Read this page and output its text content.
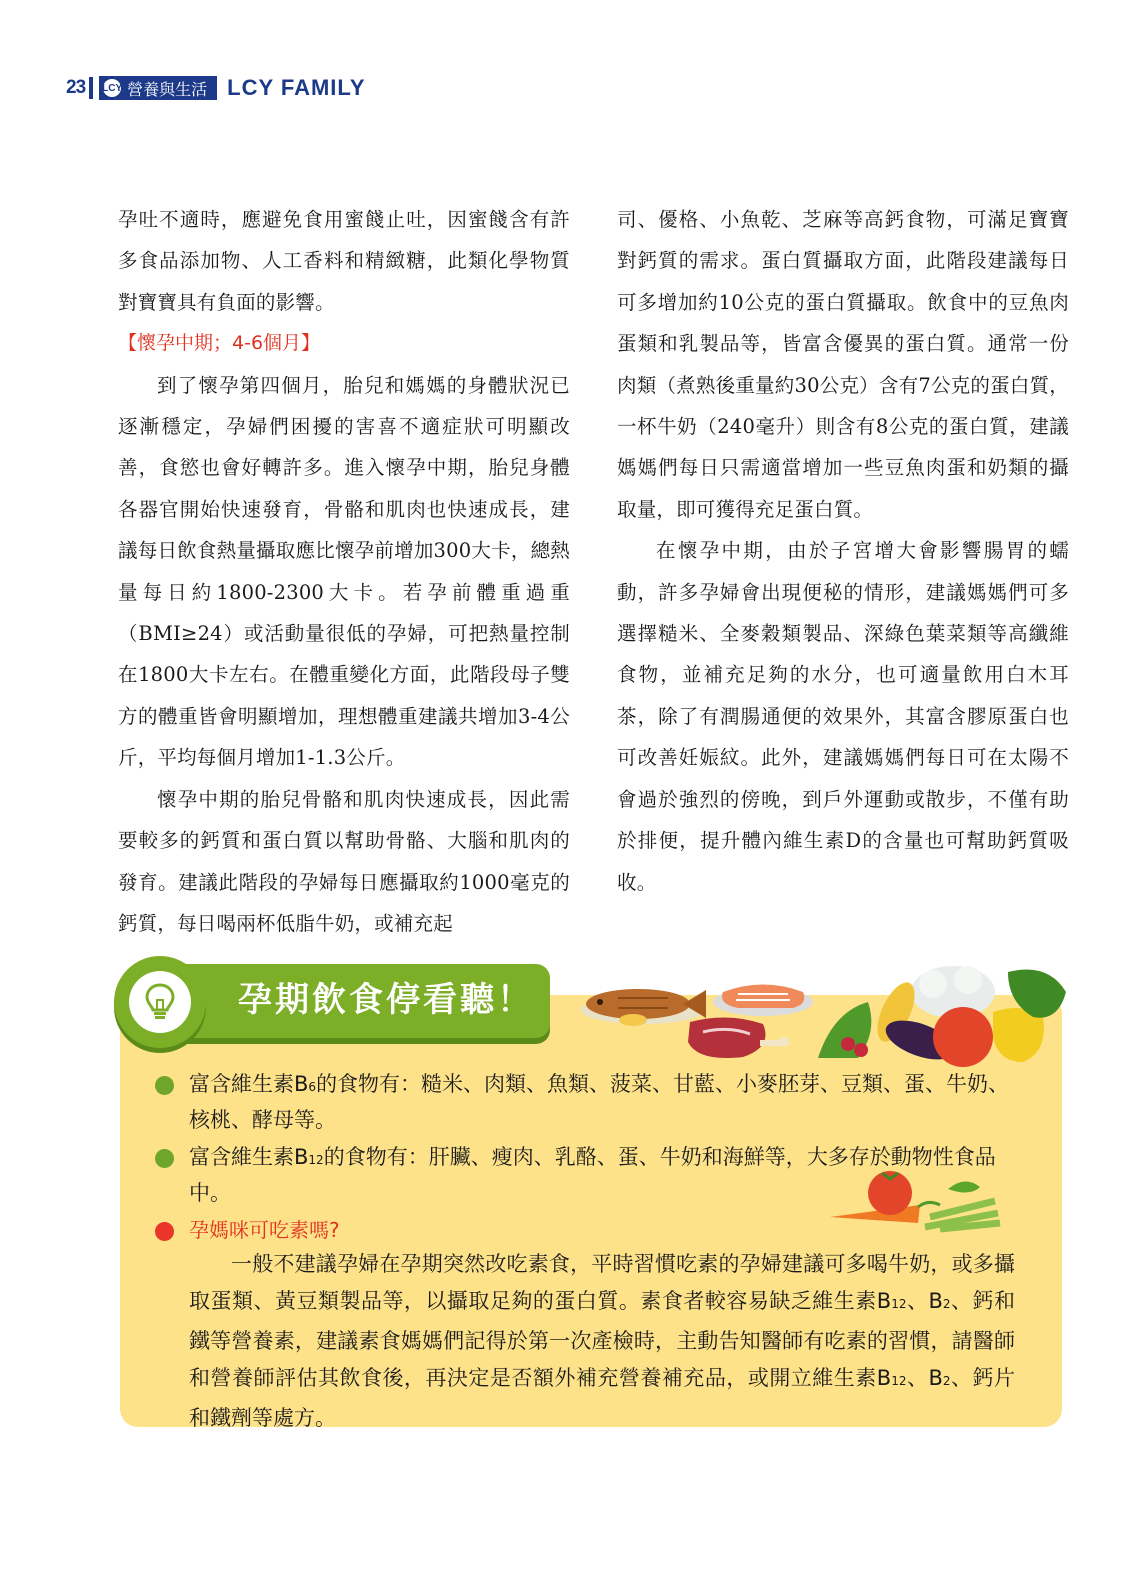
23 LCY 營養與生活 LCY FAMILY

孕吐不適時，應避免食用蜜餞止吐，因蜜餞含有許多食品添加物、人工香料和精緻糖，此類化學物質對寶寶具有負面的影響。

【懷孕中期；4-6個月】

到了懷孕第四個月，胎兒和媽媽的身體狀況已逐漸穩定，孕婦們困擾的害喜不適症狀可明顯改善，食慾也會好轉許多。進入懷孕中期，胎兒身體各器官開始快速發育，骨骼和肌肉也快速成長，建議每日飲食熱量攝取應比懷孕前增加300大卡，總熱量每日約1800-2300大卡。若孕前體重過重（BMI≥24）或活動量很低的孕婦，可把熱量控制在1800大卡左右。在體重變化方面，此階段母子雙方的體重皆會明顯增加，理想體重建議共增加3-4公斤，平均每個月增加1-1.3公斤。

懷孕中期的胎兒骨骼和肌肉快速成長，因此需要較多的鈣質和蛋白質以幫助骨骼、大腦和肌肉的發育。建議此階段的孕婦每日應攝取約1000毫克的鈣質，每日喝兩杯低脂牛奶，或補充起

司、優格、小魚乾、芝麻等高鈣食物，可滿足寶寶對鈣質的需求。蛋白質攝取方面，此階段建議每日可多增加約10公克的蛋白質攝取。飲食中的豆魚肉蛋類和乳製品等，皆富含優異的蛋白質。通常一份肉類（煮熟後重量約30公克）含有7公克的蛋白質，一杯牛奶（240毫升）則含有8公克的蛋白質，建議媽媽們每日只需適當增加一些豆魚肉蛋和奶類的攝取量，即可獲得充足蛋白質。

在懷孕中期，由於子宮增大會影響腸胃的蠕動，許多孕婦會出現便秘的情形，建議媽媽們可多選擇糙米、全麥穀類製品、深綠色葉菜類等高纖維食物，並補充足夠的水分，也可適量飲用白木耳茶，除了有潤腸通便的效果外，其富含膠原蛋白也可改善妊娠紋。此外，建議媽媽們每日可在太陽不會過於強烈的傍晚，到戶外運動或散步，不僅有助於排便，提升體內維生素D的含量也可幫助鈣質吸收。

孕期飲食停看聽！
富含維生素B6的食物有：糙米、肉類、魚類、菠菜、甘藍、小麥胚芽、豆類、蛋、牛奶、核桃、酵母等。
富含維生素B12的食物有：肝臟、瘦肉、乳酪、蛋、牛奶和海鮮等，大多存於動物性食品中。
孕媽咪可吃素嗎?

一般不建議孕婦在孕期突然改吃素食，平時習慣吃素的孕婦建議可多喝牛奶，或多攝取蛋類、黃豆類製品等，以攝取足夠的蛋白質。素食者較容易缺乏維生素B12、B2、鈣和鐵等營養素，建議素食媽媽們記得於第一次產檢時，主動告知醫師有吃素的習慣，請醫師和營養師評估其飲食後，再決定是否額外補充營養補充品，或開立維生素B12、B2、鈣片和鐵劑等處方。
